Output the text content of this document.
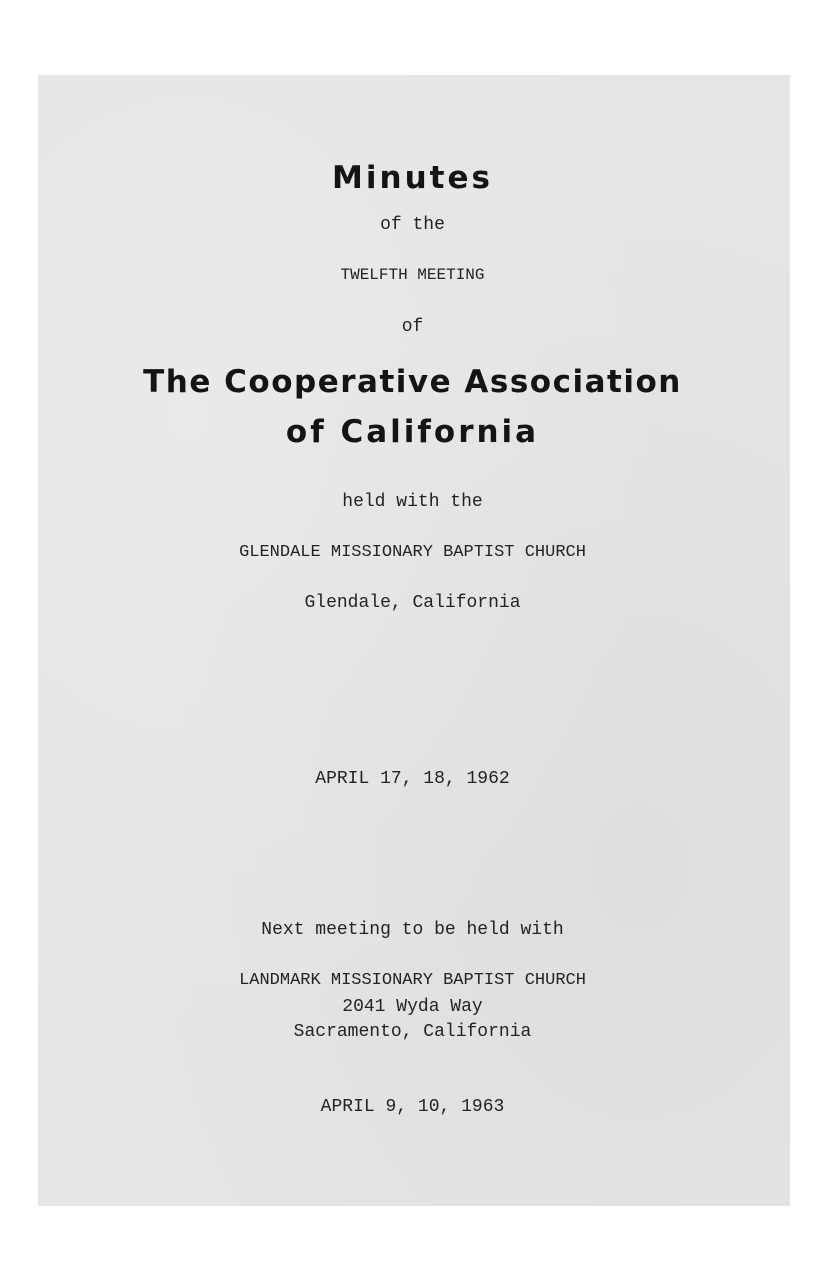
Minutes
of the
TWELFTH MEETING
of
The Cooperative Association
of California
held with the
GLENDALE MISSIONARY BAPTIST CHURCH
Glendale, California
APRIL 17, 18, 1962
Next meeting to be held with
LANDMARK MISSIONARY BAPTIST CHURCH
2041 Wyda Way
Sacramento, California
APRIL 9, 10, 1963
